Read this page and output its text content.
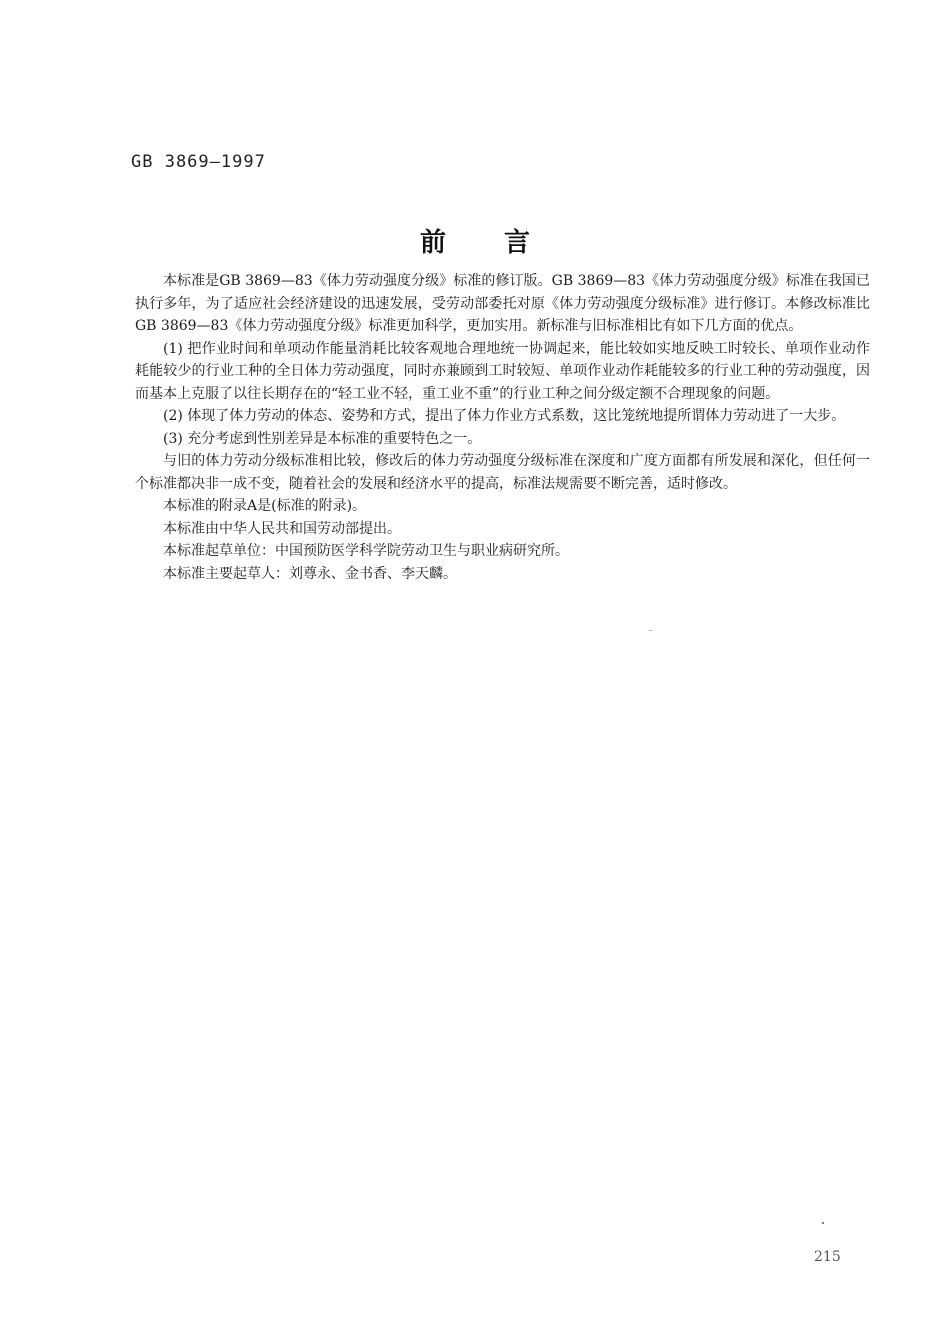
GB 3869—1997
前言

本标准是GB 3869—83《体力劳动强度分级》标准的修订版。GB 3869—83《体力劳动强度分级》标准在我国已执行多年，为了适应社会经济建设的迅速发展，受劳动部委托对原《体力劳动强度分级标准》进行修订。本修改标准比GB 3869—83《体力劳动强度分级》标准更加科学，更加实用。新标准与旧标准相比有如下几方面的优点。

(1) 把作业时间和单项动作能量消耗比较客观地合理地统一协调起来，能比较如实地反映工时较长、单项作业动作耗能较少的行业工种的全日体力劳动强度，同时亦兼顾到工时较短、单项作业动作耗能较多的行业工种的劳动强度，因而基本上克服了以往长期存在的“轻工业不轻，重工业不重”的行业工种之间分级定额不合理现象的问题。

(2) 体现了体力劳动的体态、姿势和方式，提出了体力作业方式系数，这比笼统地提所谓体力劳动进了一大步。

(3) 充分考虑到性别差异是本标准的重要特色之一。

与旧的体力劳动分级标准相比较，修改后的体力劳动强度分级标准在深度和广度方面都有所发展和深化，但任何一个标准都决非一成不变，随着社会的发展和经济水平的提高，标准法规需要不断完善，适时修改。

本标准的附录A是(标准的附录)。

本标准由中华人民共和国劳动部提出。

本标准起草单位：中国预防医学科学院劳动卫生与职业病研究所。

本标准主要起草人：刘尊永、金书香、李天麟。

215
